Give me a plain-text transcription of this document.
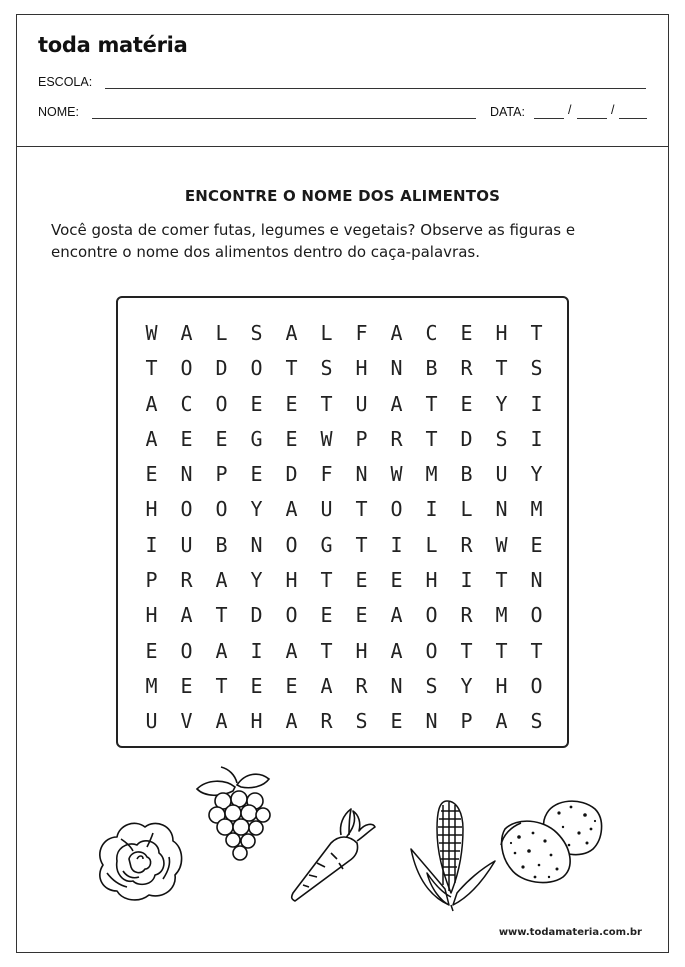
toda matéria
ESCOLA:
NOME:	DATA:	/	/
ENCONTRE O NOME DOS ALIMENTOS
Você gosta de comer futas, legumes e vegetais? Observe as figuras e encontre o nome dos alimentos dentro do caça-palavras.
W	A	L	S	A	L	F	A	C	E	H	T
T	O	D	O	T	S	H	N	B	R	T	S
A	C	O	E	E	T	U	A	T	E	Y	I
A	E	E	G	E	W	P	R	T	D	S	I
E	N	P	E	D	F	N	W	M	B	U	Y
H	O	O	Y	A	U	T	O	I	L	N	M
I	U	B	N	O	G	T	I	L	R	W	E
P	R	A	Y	H	T	E	E	H	I	T	N
H	A	T	D	O	E	E	A	O	R	M	O
E	O	A	I	A	T	H	A	O	T	T	T
M	E	T	E	E	A	R	N	S	Y	H	O
U	V	A	H	A	R	S	E	N	P	A	S
www.todamateria.com.br
